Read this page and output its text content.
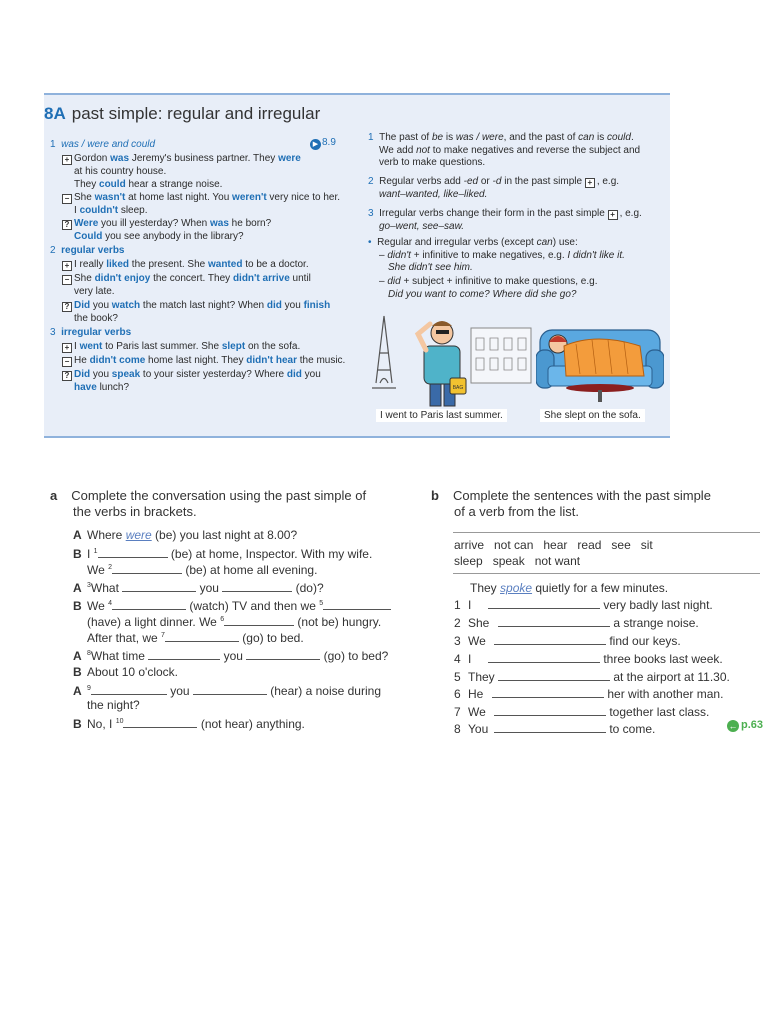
8A past simple: regular and irregular
▶ 8.9
1 was / were and could
+ Gordon was Jeremy's business partner. They were
at his country house.
They could hear a strange noise.
− She wasn't at home last night. You weren't very nice to her.
I couldn't sleep.
? Were you ill yesterday? When was he born?
Could you see anybody in the library?
2 regular verbs
+ I really liked the present. She wanted to be a doctor.
− She didn't enjoy the concert. They didn't arrive until
very late.
? Did you watch the match last night? When did you finish
the book?
3 irregular verbs
+ I went to Paris last summer. She slept on the sofa.
− He didn't come home last night. They didn't hear the music.
? Did you speak to your sister yesterday? Where did you
have lunch?
1 The past of be is was / were, and the past of can is could.
We add not to make negatives and reverse the subject and
verb to make questions.
2 Regular verbs add -ed or -d in the past simple + , e.g.
want–wanted, like–liked.
3 Irregular verbs change their form in the past simple + , e.g.
go–went, see–saw.
• Regular and irregular verbs (except can) use:
– didn't + infinitive to make negatives, e.g. I didn't like it.
She didn't see him.
– did + subject + infinitive to make questions, e.g.
Did you want to come? Where did she go?
BAG
I went to Paris last summer.	She slept on the sofa.
a Complete the conversation using the past simple of
the verbs in brackets.
A Where were (be) you last night at 8.00?
B I $^1$	(be) at home, Inspector. With my wife.
We $^2$	(be) at home all evening.
A $^3$What	you	(do)?
B We $^4$	(watch) TV and then we $^5$
(have) a light dinner. We $^6$	(not be) hungry.
After that, we $^7$	(go) to bed.
A $^8$What time	you	(go) to bed?
B About 10 o'clock.
A $^9$	you	(hear) a noise during
the night?
B No, I $^{10}$	(not hear) anything.
b Complete the sentences with the past simple
of a verb from the list.
arrive   not can   hear   read   see   sit
sleep   speak   not want
They spoke quietly for a few minutes.
1 I	very badly last night.
2 She	a strange noise.
3 We	find our keys.
4 I	three books last week.
5 They	at the airport at 11.30.
6 He	her with another man.
7 We	together last class.
8 You	to come.	← p.63
